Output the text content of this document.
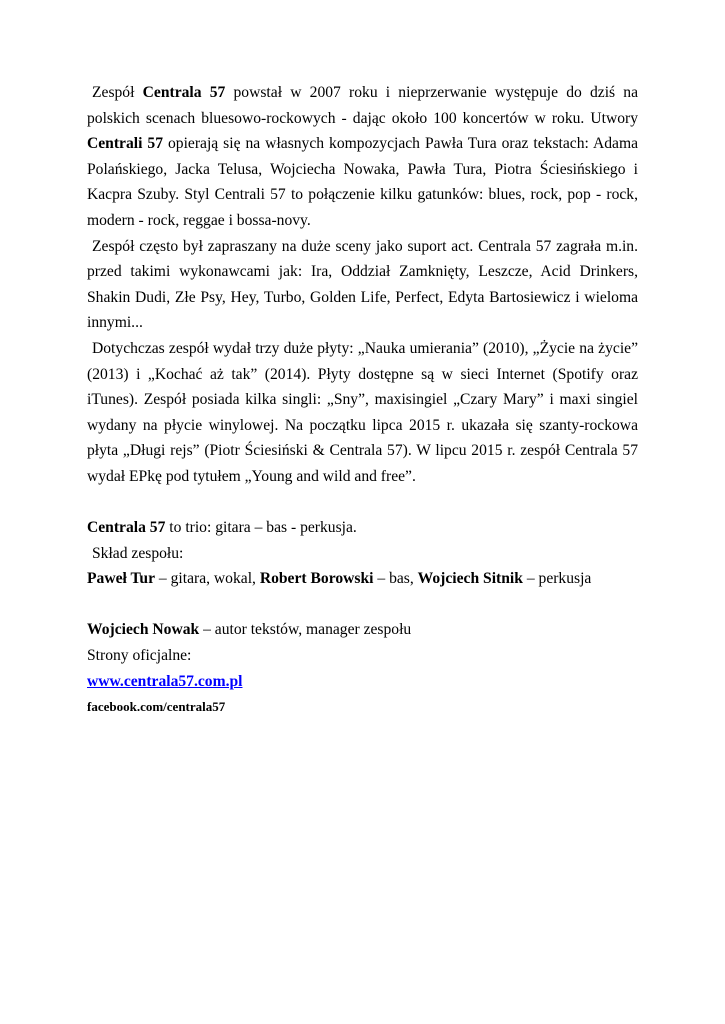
Zespół Centrala 57 powstał w 2007 roku i nieprzerwanie występuje do dziś na polskich scenach bluesowo-rockowych - dając około 100 koncertów w roku. Utwory Centrali 57 opierają się na własnych kompozycjach Pawła Tura oraz tekstach: Adama Polańskiego, Jacka Telusa, Wojciecha Nowaka, Pawła Tura, Piotra Ściesińskiego i Kacpra Szuby. Styl Centrali 57 to połączenie kilku gatunków: blues, rock, pop - rock, modern - rock, reggae i bossa-novy.

Zespół często był zapraszany na duże sceny jako suport act. Centrala 57 zagrała m.in. przed takimi wykonawcami jak: Ira, Oddział Zamknięty, Leszcze, Acid Drinkers, Shakin Dudi, Złe Psy, Hey, Turbo, Golden Life, Perfect, Edyta Bartosiewicz i wieloma innymi...

Dotychczas zespół wydał trzy duże płyty: „Nauka umierania” (2010), „Życie na życie” (2013) i „Kochać aż tak” (2014). Płyty dostępne są w sieci Internet (Spotify oraz iTunes). Zespół posiada kilka singli: „Sny”, maxisingiel „Czary Mary” i maxi singiel wydany na płycie winylowej. Na początku lipca 2015 r. ukazała się szanty-rockowa płyta „Długi rejs” (Piotr Ściesiński & Centrala 57). W lipcu 2015 r. zespół Centrala 57 wydał EPkę pod tytułem „Young and wild and free”.

Centrala 57 to trio: gitara – bas - perkusja.

Skład zespołu:

Paweł Tur – gitara, wokal, Robert Borowski – bas, Wojciech Sitnik – perkusja

Wojciech Nowak – autor tekstów, manager zespołu

Strony oficjalne:

www.centrala57.com.pl

facebook.com/centrala57
